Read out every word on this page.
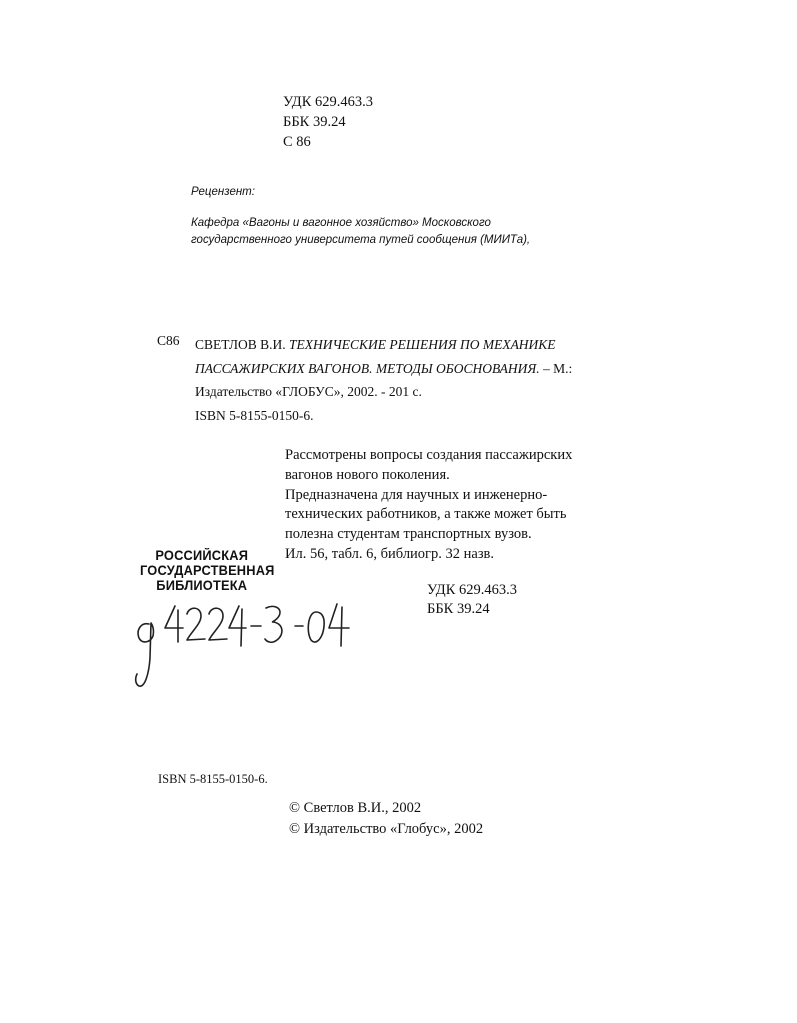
УДК 629.463.3
ББК 39.24
С 86
Рецензент:
Кафедра «Вагоны и вагонное хозяйство» Московского
государственного университета путей сообщения (МИИТа),
С86 СВЕТЛОВ В.И. ТЕХНИЧЕСКИЕ РЕШЕНИЯ ПО МЕХАНИКЕ
ПАССАЖИРСКИХ ВАГОНОВ. МЕТОДЫ ОБОСНОВАНИЯ. – М.:
Издательство «ГЛОБУС», 2002. - 201 с.
ISBN 5-8155-0150-6.
Рассмотрены вопросы создания пассажирских
вагонов нового поколения.
Предназначена для научных и инженерно-
технических работников, а также может быть
полезна студентам транспортных вузов.
Ил. 56, табл. 6, библиогр. 32 назв.
РОССИЙСКАЯ
ГОСУДАРСТВЕННАЯ
БИБЛИОТЕКА	УДК 629.463.3
ББК 39.24
g 4224 - 3 - 04
ISBN 5-8155-0150-6.
© Светлов В.И., 2002
© Издательство «Глобус», 2002
